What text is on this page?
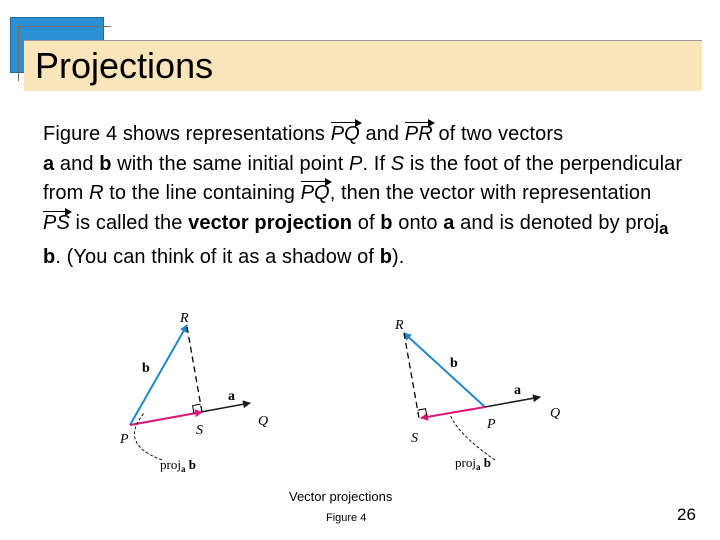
Projections
Figure 4 shows representations PQ and PR of two vectors
a and b with the same initial point P. If S is the foot of the perpendicular from R to the line containing PQ, then the vector with representation PS is called the vector projection of b onto a and is denoted by proj$_a$ b. (You can think of it as a shadow of b).
R
b
a
Q
P
S
proj$_a$ b
R
b
a
Q
P
S
proj$_a$ b
Vector projections
Figure 4	26
